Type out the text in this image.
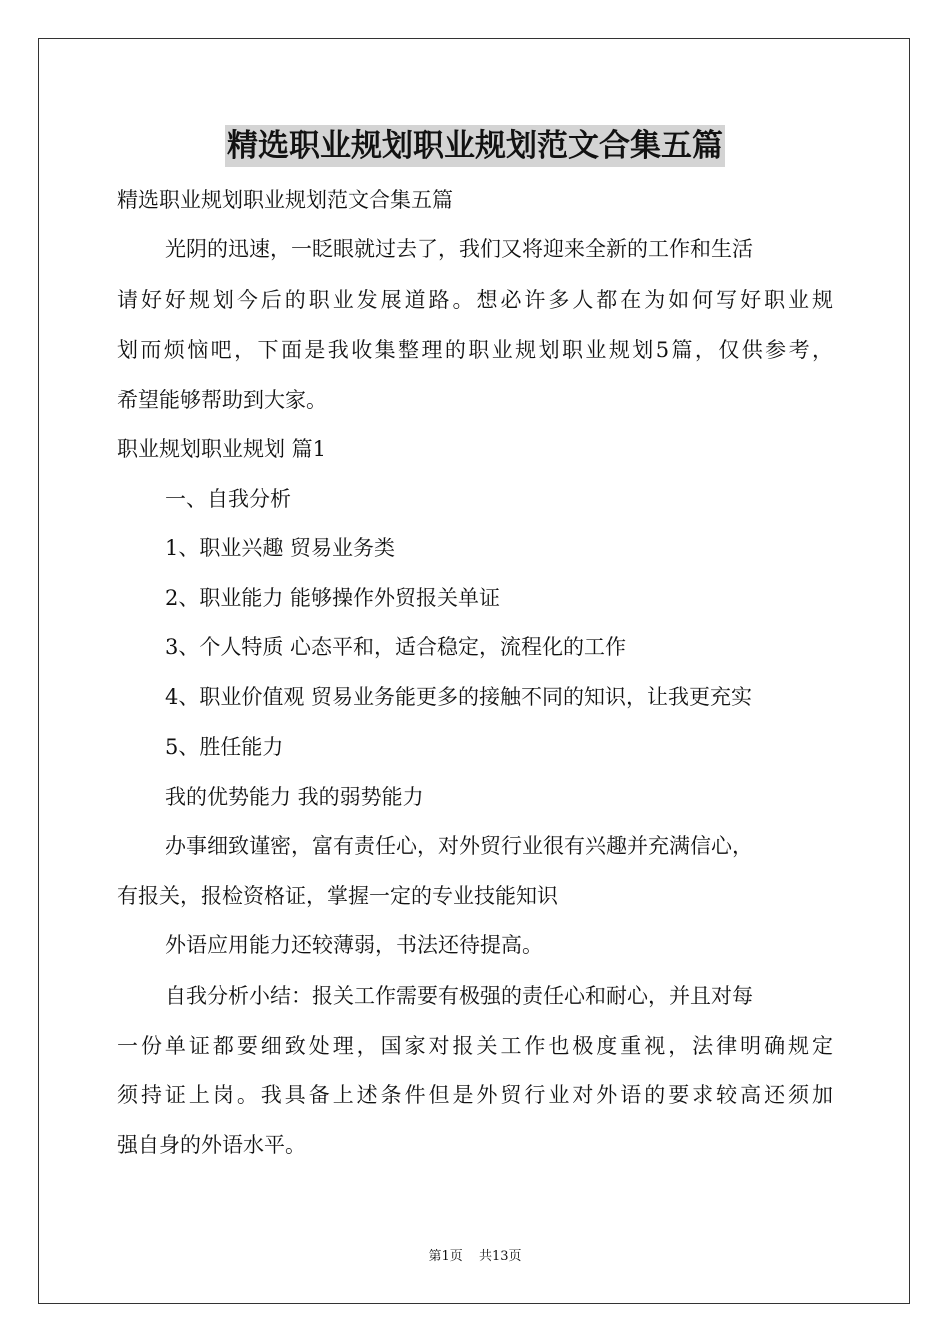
精选职业规划职业规划范文合集五篇
精选职业规划职业规划范文合集五篇
光阴的迅速，一眨眼就过去了，我们又将迎来全新的工作和生活
请好好规划今后的职业发展道路。想必许多人都在为如何写好职业规
划而烦恼吧，下面是我收集整理的职业规划职业规划5篇，仅供参考，
希望能够帮助到大家。
职业规划职业规划 篇1
一、自我分析
1、职业兴趣 贸易业务类
2、职业能力 能够操作外贸报关单证
3、个人特质 心态平和，适合稳定，流程化的工作
4、职业价值观 贸易业务能更多的接触不同的知识，让我更充实
5、胜任能力
我的优势能力 我的弱势能力
办事细致谨密，富有责任心，对外贸行业很有兴趣并充满信心，
有报关，报检资格证，掌握一定的专业技能知识
外语应用能力还较薄弱，书法还待提高。
自我分析小结：报关工作需要有极强的责任心和耐心，并且对每
一份单证都要细致处理，国家对报关工作也极度重视，法律明确规定
须持证上岗。我具备上述条件但是外贸行业对外语的要求较高还须加
强自身的外语水平。
第1页 共13页
